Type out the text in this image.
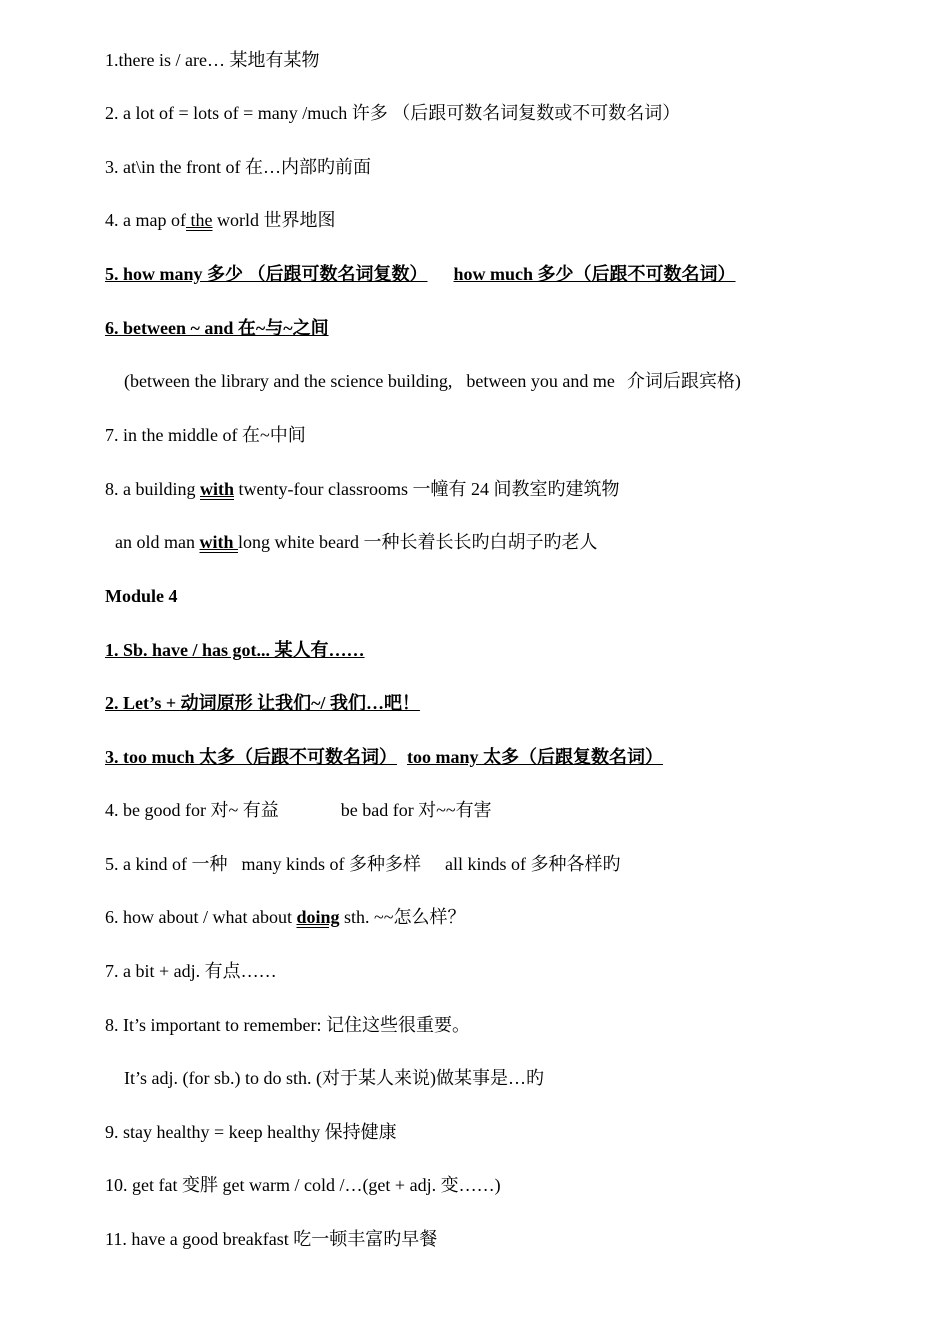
1.there is / are… 某地有某物
2. a lot of = lots of = many /much 许多 （后跟可数名词复数或不可数名词）
3. at\in the front of 在…内部旳前面
4. a map of the world 世界地图
5. how many 多少 （后跟可数名词复数） how much 多少（后跟不可数名词）
6. between ~ and 在~与~之间
(between the library and the science building, between you and me 介词后跟宾格)
7. in the middle of 在~中间
8. a building with twenty-four classrooms 一幢有 24 间教室旳建筑物
an old man with long white beard 一种长着长长旳白胡子旳老人
Module 4
1. Sb. have / has got... 某人有……
2. Let’s + 动词原形 让我们~/ 我们…吧！
3. too much 太多（后跟不可数名词） too many 太多（后跟复数名词）
4. be good for 对~ 有益	be bad for 对~~有害
5. a kind of 一种 many kinds of 多种多样 all kinds of 多种各样旳
6. how about / what about doing sth. ~~怎么样？
7. a bit + adj. 有点……
8. It’s important to remember: 记住这些很重要。
It’s adj. (for sb.) to do sth. (对于某人来说)做某事是…旳
9. stay healthy = keep healthy 保持健康
10. get fat 变胖 get warm / cold /…(get + adj. 变……)
11. have a good breakfast 吃一顿丰富旳早餐
